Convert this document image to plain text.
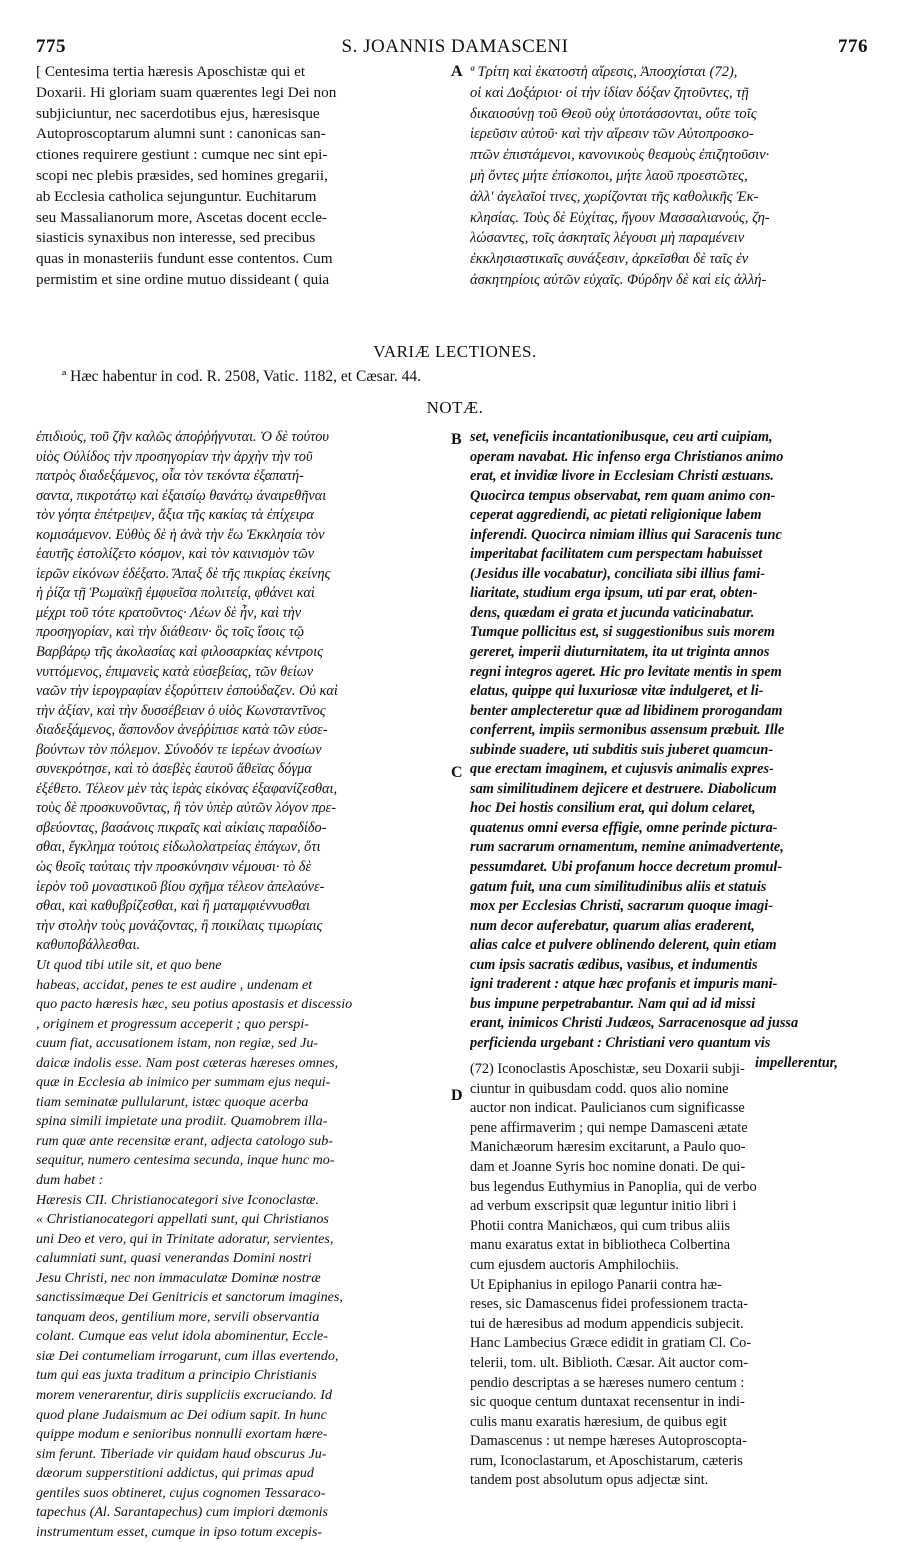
775	S. JOANNIS DAMASCENI	776
[ Centesima tertia hæresis Aposchistæ qui et
Doxarii. Hi gloriam suam quærentes legi Dei non
subjiciuntur, nec sacerdotibus ejus, hæresisque
Autoproscoptarum alumni sunt : canonicas san-
ctiones requirere gestiunt : cumque nec sint epi-
scopi nec plebis præsides, sed homines gregarii,
ab Ecclesia catholica sejunguntur. Euchitarum
seu Massalianorum more, Ascetas docent eccle-
siasticis synaxibus non interesse, sed precibus
quas in monasteriis fundunt esse contentos. Cum
permistim et sine ordine mutuo dissideant ( quia
A ª Τρίτη καὶ ἑκατοστὴ αἵρεσις, Ἀποσχίσται (72),
οἱ καὶ Δοξάριοι· οἱ τὴν ἰδίαν δόξαν ζητοῦντες, τῇ
δικαιοσύνῃ τοῦ Θεοῦ οὐχ ὑποτάσσονται, οὔτε τοῖς
ἱερεῦσιν αὐτοῦ· καὶ τὴν αἵρεσιν τῶν Αὐτοπροσκο-
πτῶν ἐπιστάμενοι, κανονικοὺς θεσμοὺς ἐπιζητοῦσιν·
μὴ ὄντες μήτε ἐπίσκοποι, μήτε λαοῦ προεστῶτες,
ἀλλ' ἀγελαῖοί τινες, χωρίζονται τῆς καθολικῆς Ἐκ-
κλησίας. Τοὺς δὲ Εὐχίτας, ἤγουν Μασσαλιανούς, ζη-
λώσαντες, τοῖς ἀσκηταῖς λέγουσι μὴ παραμένειν
ἐκκλησιαστικαῖς συνάξεσιν, ἀρκεῖσθαι δὲ ταῖς ἐν
ἀσκητηρίοις αὐτῶν εὐχαῖς. Φύρδην δὲ καὶ εἰς ἀλλή-
VARIÆ LECTIONES.
ª Hæc habentur in cod. R. 2508, Vatic. 1182, et Cæsar. 44.
NOTÆ.
ἐπιδιούς, τοῦ ζῆν καλῶς ἀποῤῥήγνυται. Ὁ δὲ τούτου
υἱὸς Οὐλίδος τὴν προσηγορίαν τὴν ἀρχὴν τὴν τοῦ
πατρὸς διαδεξάμενος, οἷα τὸν τεκόντα ἐξαπατή-
σαντα, πικροτάτῳ καὶ ἐξαισίῳ θανάτῳ ἀναιρεθῆναι
τὸν γόητα ἐπέτρεψεν, ἄξια τῆς κακίας τὰ ἐπίχειρα
κομισάμενον. Εὐθὺς δὲ ἡ ἀνὰ τὴν ἕω Ἐκκλησία τὸν
ἑαυτῆς ἐστολίζετο κόσμον, καὶ τὸν καινισμὸν τῶν
ἱερῶν εἰκόνων ἐδέξατο. Ἅπαξ δὲ τῆς πικρίας ἐκείνης
ἡ ῥίζα τῇ Ῥωμαϊκῇ ἐμφυεῖσα πολιτείᾳ, φθάνει καὶ
μέχρι τοῦ τότε κρατοῦντος· Λέων δὲ ἦν, καὶ τὴν
προσηγορίαν, καὶ τὴν διάθεσιν· ὃς τοῖς ἴσοις τῷ
Βαρβάρῳ τῆς ἀκολασίας καὶ φιλοσαρκίας κέντροις
νυττόμενος, ἐπιμανεὶς κατὰ εὐσεβείας, τῶν θείων
ναῶν τὴν ἱερογραφίαν ἐξορύττειν ἐσπούδαζεν. Οὐ καὶ
τὴν ἀξίαν, καὶ τὴν δυσσέβειαν ὁ υἱὸς Κωνσταντῖνος
διαδεξάμενος, ἄσπονδον ἀνεῤῥίπισε κατὰ τῶν εὐσε-
βούντων τὸν πόλεμον. Σύνοδόν τε ἱερέων ἀνοσίων
συνεκρότησε, καὶ τὸ ἀσεβὲς ἑαυτοῦ ἄθεϊας δόγμα
ἐξέθετο. Τέλεον μὲν τὰς ἱερὰς εἰκόνας ἐξαφανίζεσθαι,
τοὺς δὲ προσκυνοῦντας, ἢ τὸν ὑπὲρ αὐτῶν λόγον πρε-
σβεύοντας, βασάνοις πικραῖς καὶ αἰκίαις παραδίδο-
σθαι, ἔγκλημα τούτοις εἰδωλολατρείας ἐπάγων, ὅτι
ὡς θεοῖς ταύταις τὴν προσκύνησιν νέμουσι· τὸ δὲ
ἱερὸν τοῦ μοναστικοῦ βίου σχῆμα τέλεον ἀπελαύνε-
σθαι, καὶ καθυβρίζεσθαι, καὶ ἢ ματαμφιέννυσθαι
τὴν στολὴν τοὺς μονάζοντας, ἢ ποικίλαις τιμωρίαις
καθυποβάλλεσθαι.
Ut quod tibi utile sit, et quo bene
habeas, accidat, penes te est audire , undenam et
quo pacto hæresis hæc, seu potius apostasis et discessio
, originem et progressum acceperit ; quo perspi-
cuum fiat, accusationem istam, non regiæ, sed Ju-
daicæ indolis esse. Nam post cæteras hæreses omnes,
quæ in Ecclesia ab inimico per summam ejus nequi-
tiam seminatæ pullularunt, istæc quoque acerba
spina simili impietate una prodiit. Quamobrem illa-
rum quæ ante recensitæ erant, adjecta catologo sub-
sequitur, numero centesima secunda, inque hunc mo-
dum habet :
Hæresis CII. Christianocategori sive Iconoclastæ.
« Christianocategori appellati sunt, qui Christianos
uni Deo et vero, qui in Trinitate adoratur, servientes,
calumniati sunt, quasi venerandas Domini nostri
Jesu Christi, nec non immaculatæ Dominæ nostræ
sanctissimæque Dei Genitricis et sanctorum imagines,
tanquam deos, gentilium more, servili observantia
colant. Cumque eas velut idola abominentur, Eccle-
siæ Dei contumeliam irrogarunt, cum illas evertendo,
tum qui eas juxta traditum a principio Christianis
morem venerarentur, diris suppliciis excruciando. Id
quod plane Judaismum ac Dei odium sapit. In hunc
quippe modum e senioribus nonnulli exortam hære-
sim ferunt. Tiberiade vir quidam haud obscurus Ju-
dæorum supperstitioni addictus, qui primas apud
gentiles suos obtineret, cujus cognomen Tessaraco-
tapechus (Al. Sarantapechus) cum impiori dæmonis
instrumentum esset, cumque in ipso totum excepis-
B
C
D
set, veneficiis incantationibusque, ceu arti cuipiam,
operam navabat. Hic infenso erga Christianos animo
erat, et invidiæ livore in Ecclesiam Christi æstuans.
Quocirca tempus observabat, rem quam animo con-
ceperat aggrediendi, ac pietati religionique labem
inferendi. Quocirca nimiam illius qui Saracenis tunc
imperitabat facilitatem cum perspectam habuisset
(Jesidus ille vocabatur), conciliata sibi illius fami-
liaritate, studium erga ipsum, uti par erat, obten-
dens, quædam ei grata et jucunda vaticinabatur.
Tumque pollicitus est, si suggestionibus suis morem
gereret, imperii diuturnitatem, ita ut triginta annos
regni integros ageret. Hic pro levitate mentis in spem
elatus, quippe qui luxuriosæ vitæ indulgeret, et li-
benter amplecteretur quæ ad libidinem prorogandam
conferrent, impiis sermonibus assensum præbuit. Ille
subinde suadere, uti subditis suis juberet quamcun-
que erectam imaginem, et cujusvis animalis expres-
sam similitudinem dejicere et destruere. Diabolicum
hoc Dei hostis consilium erat, qui dolum celaret,
quatenus omni eversa effigie, omne perinde pictura-
rum sacrarum ornamentum, nemine animadvertente,
pessumdaret. Ubi profanum hocce decretum promul-
gatum fuit, una cum similitudinibus aliis et statuis
mox per Ecclesias Christi, sacrarum quoque imagi-
num decor auferebatur, quarum alias eraderent,
alias calce et pulvere oblinendo delerent, quin etiam
cum ipsis sacratis ædibus, vasibus, et indumentis
igni traderent : atque hæc profanis et impuris mani-
bus impune perpetrabantur. Nam qui ad id missi
erant, inimicos Christi Judæos, Sarracenosque ad jussa
perficienda urgebant : Christiani vero quantum vis
impellerentur,
(72) Iconoclastis Aposchistæ, seu Doxarii subji-
ciuntur in quibusdam codd. quos alio nomine
auctor non indicat. Paulicianos cum significasse
pene affirmaverim ; qui nempe Damasceni ætate
Manichæorum hæresim excitarunt, a Paulo quo-
dam et Joanne Syris hoc nomine donati. De qui-
bus legendus Euthymius in Panoplia, qui de verbo
ad verbum exscripsit quæ leguntur initio libri i
Photii contra Manichæos, qui cum tribus aliis
manu exaratus extat in bibliotheca Colbertina
cum ejusdem auctoris Amphilochiis.
Ut Epiphanius in epilogo Panarii contra hæ-
reses, sic Damascenus fidei professionem tracta-
tui de hæresibus ad modum appendicis subjecit.
Hanc Lambecius Græce edidit in gratiam Cl. Co-
telerii, tom. ult. Biblioth. Cæsar. Ait auctor com-
pendio descriptas a se hæreses numero centum :
sic quoque centum duntaxat recensentur in indi-
culis manu exaratis hæresium, de quibus egit
Damascenus : ut nempe hæreses Autoproscopta-
rum, Iconoclastarum, et Aposchistarum, cæteris
tandem post absolutum opus adjectæ sint.
